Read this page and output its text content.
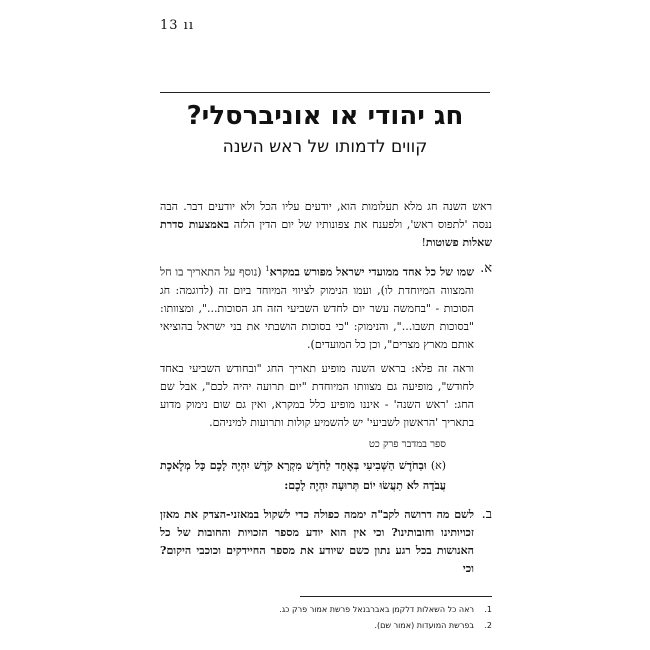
13 ıı
חג יהודי או אוניברסלי?
קווים לדמותו של ראש השנה

ראש השנה חג מלא תעלומות הוא, יודעים עליו הכל ולא יודעים דבר. הבה ננסה 'לתפוס ראש', ולפענח את צפונותיו של יום הדין הלזה באמצעות סדרת שאלות פשוטות!

א.

שמו של כל אחד ממועדי ישראל מפורש במקרא$^1$ (נוסף על התאריך בו חל והמצווה המיוחדת לו), ועמו הנימוק לציווי המיוחד ביום זה (לדוגמה: חג הסוכות - "בחמשה עשר יום לחדש השביעי הזה חג הסוכות...", ומצוותו: "בסוכות תשבו...", והנימוק: "כי בסוכות הושבתי את בני ישראל בהוציאי אותם מארץ מצרים", וכן כל המועדים).

וראה זה פלא: בראש השנה מופיע תאריך החג "ובחודש השביעי באחד לחודש", מופיעה גם מצוותו המיוחדת "יום תרועה יהיה לכם", אבל שם החג: 'ראש השנה' - איננו מופיע כלל במקרא, ואין גם שום נימוק מדוע בתאריך 'הראשון לשביעי' יש להשמיע קולות ותרועות למיניהם.

ספר במדבר פרק כט
(א) וּבַחֹדֶשׁ הַשְּׁבִיעִי בְּאֶחָד לַחֹדֶשׁ מִקְרָא קֹדֶשׁ יִהְיֶה לָכֶם כָּל מְלֶאכֶת עֲבֹדָה לֹא תַעֲשׂוּ יוֹם תְּרוּעָה יִהְיֶה לָכֶם:
ב.

לשם מה דרושה לקב"ה יממה כפולה כדי לשקול במאזני-הצדק את מאזן זכויותינו וחובותינו? וכי אין הוא יודע מספר הזכויות והחובות של כל האנושות בכל רגע נתון כשם שיודע את מספר החיידקים וכוכבי היקום? וכי

1.ראה כל השאלות דלקמן באברבנאל פרשת אמור פרק כג.

2.בפרשת המועדות (אמור שם).
